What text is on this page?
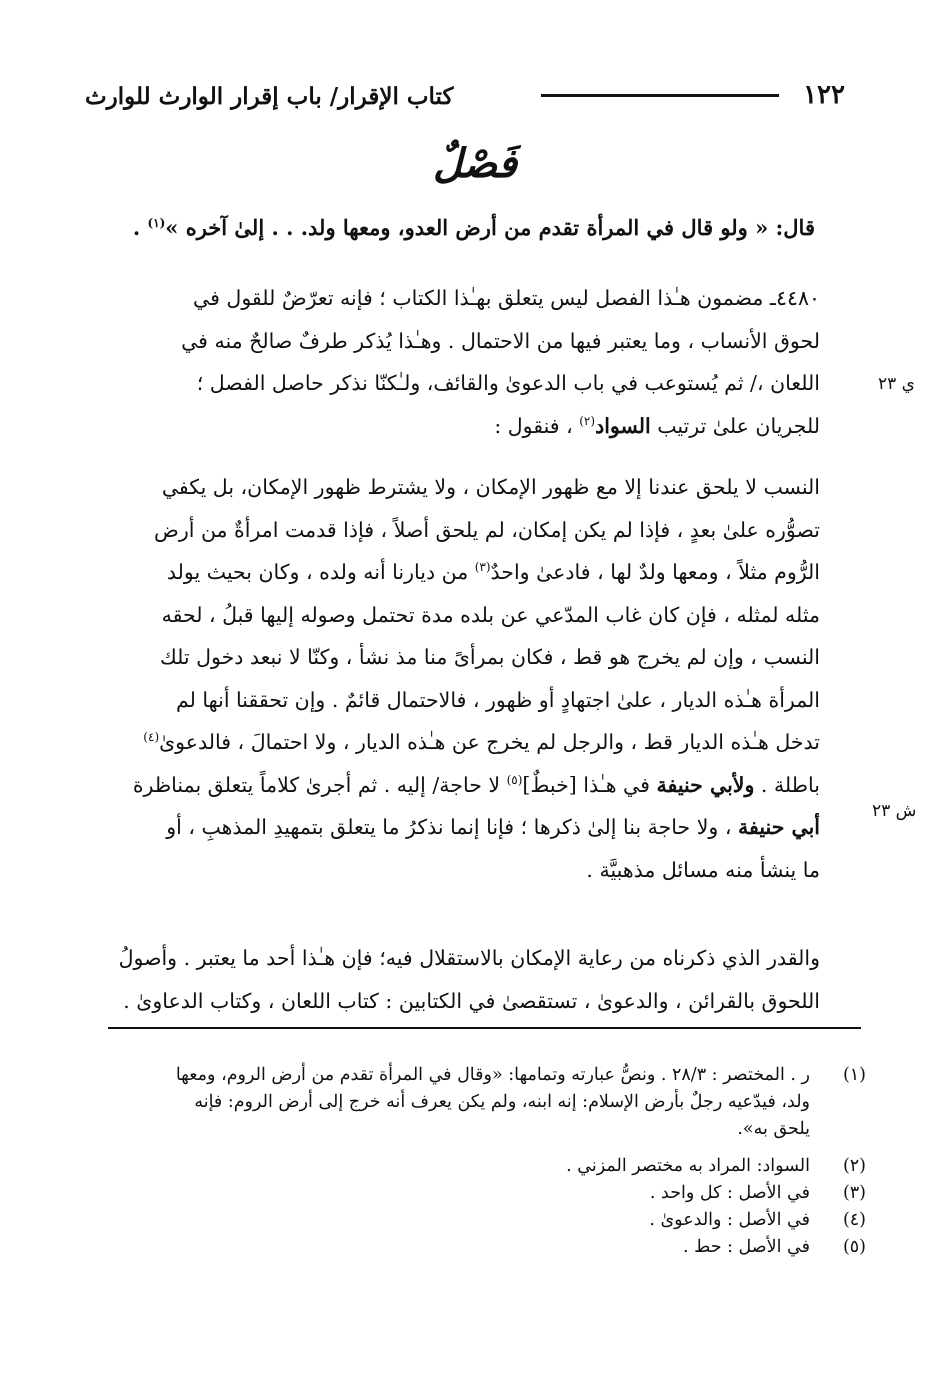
١٢٢
كتاب الإقرار/ باب إقرار الوارث للوارث
فَصْلٌ
قال: « ولو قال في المرأة تقدم من أرض العدو، ومعها ولد. . . إلىٰ آخره »$^{(١)}$ .
٤٤٨٠ـ مضمون هـٰذا الفصل ليس يتعلق بهـٰذا الكتاب ؛ فإنه تعرّضٌ للقول في
لحوق الأنساب ، وما يعتبر فيها من الاحتمال . وهـٰذا يُذكر طرفٌ صالحٌ منه في
اللعان ،/ ثم يُستوعب في باب الدعوىٰ والقائف، ولـٰكنّا نذكر حاصل الفصل ؛
للجريان علىٰ ترتيب السواد$^{(٢)}$ ، فنقول :
النسب لا يلحق عندنا إلا مع ظهور الإمكان ، ولا يشترط ظهور الإمكان، بل يكفي
تصوُّره علىٰ بعدٍ ، فإذا لم يكن إمكان، لم يلحق أصلاً ، فإذا قدمت امرأةٌ من أرض
الرُّوم مثلاً ، ومعها ولدٌ لها ، فادعىٰ واحدٌ$^{(٣)}$ من ديارنا أنه ولده ، وكان بحيث يولد
مثله لمثله ، فإن كان غاب المدّعي عن بلده مدة تحتمل وصوله إليها قبلُ ، لحقه
النسب ، وإن لم يخرج هو قط ، فكان بمرأىً منا مذ نشأ ، وكنّا لا نبعد دخول تلك
المرأة هـٰذه الديار ، علىٰ اجتهادٍ أو ظهور ، فالاحتمال قائمٌ . وإن تحققنا أنها لم
تدخل هـٰذه الديار قط ، والرجل لم يخرج عن هـٰذه الديار ، ولا احتمالَ ، فالدعوىٰ$^{(٤)}$
باطلة . ولأبي حنيفة في هـٰذا [خبطٌ]$^{(٥)}$ لا حاجة/ إليه . ثم أجرىٰ كلاماً يتعلق بمناظرة
أبي حنيفة ، ولا حاجة بنا إلىٰ ذكرها ؛ فإنا إنما نذكرُ ما يتعلق بتمهيدِ المذهبِ ، أو
ما ينشأ منه مسائل مذهبيَّة .
والقدر الذي ذكرناه من رعاية الإمكان بالاستقلال فيه؛ فإن هـٰذا أحد ما يعتبر . وأصولُ
اللحوق بالقرائن ، والدعوىٰ ، تستقصىٰ في الكتابين : كتاب اللعان ، وكتاب الدعاوىٰ .
ي ٢٣
ش ٢٣
(١)
ر . المختصر : ٢٨/٣ . ونصُّ عبارته وتمامها: «وقال في المرأة تقدم من أرض الروم، ومعها
ولد، فيدّعيه رجلٌ بأرض الإسلام: إنه ابنه، ولم يكن يعرف أنه خرج إلى أرض الروم: فإنه
يلحق به».
(٢)
السواد: المراد به مختصر المزني .
(٣)
في الأصل : كل واحد .
(٤)
في الأصل : والدعوىٰ .
(٥)
في الأصل : حط .
